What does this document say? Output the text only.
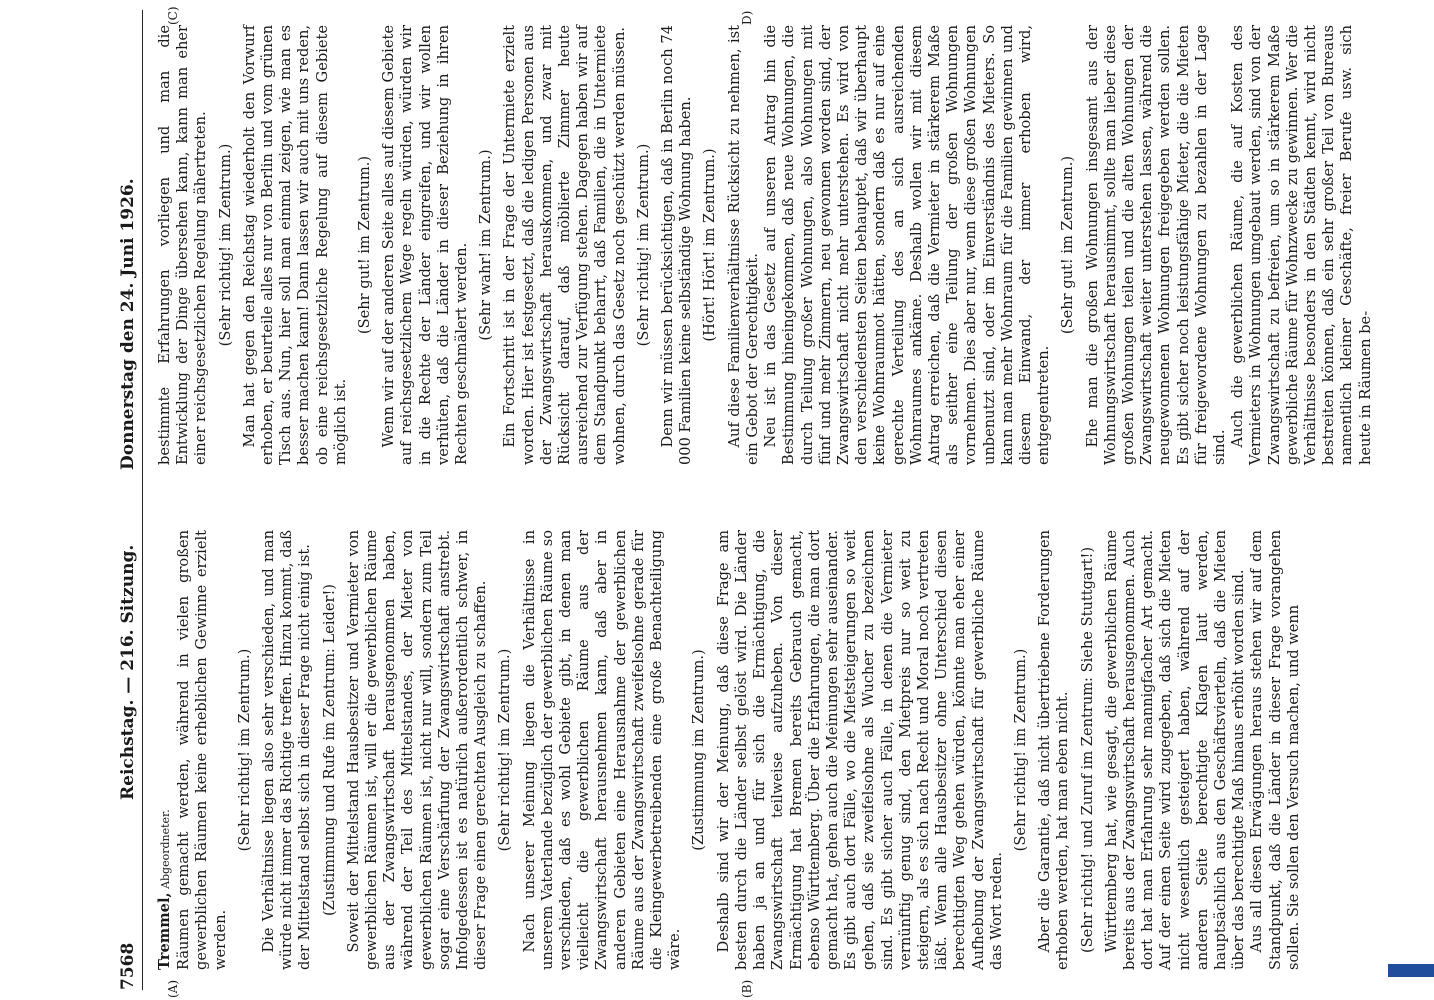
7568
Reichstag. — 216. Sitzung.
Donnerstag den 24. Juni 1926.
(A)	(B)
(C)	D)

Tremmel, Abgeordneter. Räumen gemacht werden, während in vielen großen gewerblichen Räumen keine erheblichen Gewinne erzielt werden.

(Sehr richtig! im Zentrum.) Die Verhältnisse liegen also sehr verschieden, und man würde nicht immer das Richtige treffen. Hinzu kommt, daß der Mittelstand selbst sich in dieser Frage nicht einig ist. (Zustimmung und Rufe im Zentrum: Leider!) Soweit der Mittelstand Hausbesitzer und Vermieter von gewerblichen Räumen ist, will er die gewerblichen Räume aus der Zwangswirtschaft herausgenommen haben, während der Teil des Mittelstandes, der Mieter von gewerblichen Räumen ist, nicht nur will, sondern zum Teil sogar eine Verschärfung der Zwangswirtschaft anstrebt. Infolgedessen ist es natürlich außerordentlich schwer, in dieser Frage einen gerechten Ausgleich zu schaffen. (Sehr richtig! im Zentrum.) Nach unserer Meinung liegen die Verhältnisse in unserem Vaterlande bezüglich der gewerblichen Räume so verschieden, daß es wohl Gebiete gibt, in denen man vielleicht die gewerblichen Räume aus der Zwangswirtschaft herausnehmen kann, daß aber in anderen Gebieten eine Herausnahme der gewerblichen Räume aus der Zwangswirtschaft zweifelsohne gerade für die Kleingewerbetreibenden eine große Benachteiligung wäre.

(Zustimmung im Zentrum.) Deshalb sind wir der Meinung, daß diese Frage am besten durch die Länder selbst gelöst wird. Die Länder haben ja an und für sich die Ermächtigung, die Zwangswirtschaft teilweise aufzuheben. Von dieser Ermächtigung hat Bremen bereits Gebrauch gemacht, ebenso Württemberg. Über die Erfahrungen, die man dort gemacht hat, gehen auch die Meinungen sehr auseinander. Es gibt auch dort Fälle, wo die Mietsteigerungen so weit gehen, daß sie zweifelsohne als Wucher zu bezeichnen sind. Es gibt sicher auch Fälle, in denen die Vermieter vernünftig genug sind, den Mietpreis nur so weit zu steigern, als es sich nach Recht und Moral noch vertreten läßt. Wenn alle Hausbesitzer ohne Unterschied diesen berechtigten Weg gehen würden, könnte man eher einer Aufhebung der Zwangswirtschaft für gewerbliche Räume das Wort reden.

(Sehr richtig! im Zentrum.) Aber die Garantie, daß nicht übertriebene Forderungen erhoben werden, hat man eben nicht. (Sehr richtig! und Zuruf im Zentrum: Siehe Stuttgart!) Württemberg hat, wie gesagt, die gewerblichen Räume bereits aus der Zwangswirtschaft herausgenommen. Auch dort hat man Erfahrung sehr mannigfacher Art gemacht. Auf der einen Seite wird zugegeben, daß sich die Mieten nicht wesentlich gesteigert haben, während auf der anderen Seite berechtigte Klagen laut werden, hauptsächlich aus den Geschäftsvierteln, daß die Mieten über das berechtigte Maß hinaus erhöht worden sind. Aus all diesen Erwägungen heraus stehen wir auf dem Standpunkt, daß die Länder in dieser Frage vorangehen sollen. Sie sollen den Versuch machen, und wenn

bestimmte Erfahrungen vorliegen und man die Entwicklung der Dinge übersehen kann, kann man eher einer reichsgesetzlichen Regelung nähertreten. (Sehr richtig! im Zentrum.) Man hat gegen den Reichstag wiederholt den Vorwurf erhoben, er beurteile alles nur von Berlin und vom grünen Tisch aus. Nun, hier soll man einmal zeigen, wie man es besser machen kann! Dann lassen wir auch mit uns reden, ob eine reichsgesetzliche Regelung auf diesem Gebiete möglich ist.

(Sehr gut! im Zentrum.) Wenn wir auf der anderen Seite alles auf diesem Gebiete auf reichsgesetzlichem Wege regeln würden, würden wir in die Rechte der Länder eingreifen, und wir wollen verhüten, daß die Länder in dieser Beziehung in ihren Rechten geschmälert werden. (Sehr wahr! im Zentrum.) Ein Fortschritt ist in der Frage der Untermiete erzielt worden. Hier ist festgesetzt, daß die ledigen Personen aus der Zwangswirtschaft herauskommen, und zwar mit Rücksicht darauf, daß möblierte Zimmer heute ausreichend zur Verfügung stehen. Dagegen haben wir auf dem Standpunkt beharrt, daß Familien, die in Untermiete wohnen, durch das Gesetz noch geschützt werden müssen. (Sehr richtig! im Zentrum.) Denn wir müssen berücksichtigen, daß in Berlin noch 74 000 Familien keine selbständige Wohnung haben. (Hört! Hört! im Zentrum.) Auf diese Familienverhältnisse Rücksicht zu nehmen, ist ein Gebot der Gerechtigkeit. Neu ist in das Gesetz auf unseren Antrag hin die Bestimmung hineingekommen, daß neue Wohnungen, die durch Teilung großer Wohnungen, also Wohnungen mit fünf und mehr Zimmern, neu gewonnen worden sind, der Zwangswirtschaft nicht mehr unterstehen. Es wird von den verschiedensten Seiten behauptet, daß wir überhaupt keine Wohnraumnot hätten, sondern daß es nur auf eine gerechte Verteilung des an sich ausreichenden Wohnraumes ankäme. Deshalb wollen wir mit diesem Antrag erreichen, daß die Vermieter in stärkerem Maße als seither eine Teilung der großen Wohnungen vornehmen. Dies aber nur, wenn diese großen Wohnungen unbenutzt sind, oder im Einverständnis des Mieters. So kann man mehr Wohnraum für die Familien gewinnen und diesem Einwand, der immer erhoben wird, entgegentreten.

(Sehr gut! im Zentrum.) Ehe man die großen Wohnungen insgesamt aus der Wohnungswirtschaft herausnimmt, sollte man lieber diese großen Wohnungen teilen und die alten Wohnungen der Zwangswirtschaft weiter unterstehen lassen, während die neugewonnenen Wohnungen freigegeben werden sollen. Es gibt sicher noch leistungsfähige Mieter, die die Mieten für freigewordene Wohnungen zu bezahlen in der Lage sind. Auch die gewerblichen Räume, die auf Kosten des Vermieters in Wohnungen umgebaut werden, sind von der Zwangswirtschaft zu befreien, um so in stärkerem Maße gewerbliche Räume für Wohnzwecke zu gewinnen. Wer die Verhältnisse besonders in den Städten kennt, wird nicht bestreiten können, daß ein sehr großer Teil von Bureaus namentlich kleiner Geschäfte, freier Berufe usw. sich heute in Räumen be-
